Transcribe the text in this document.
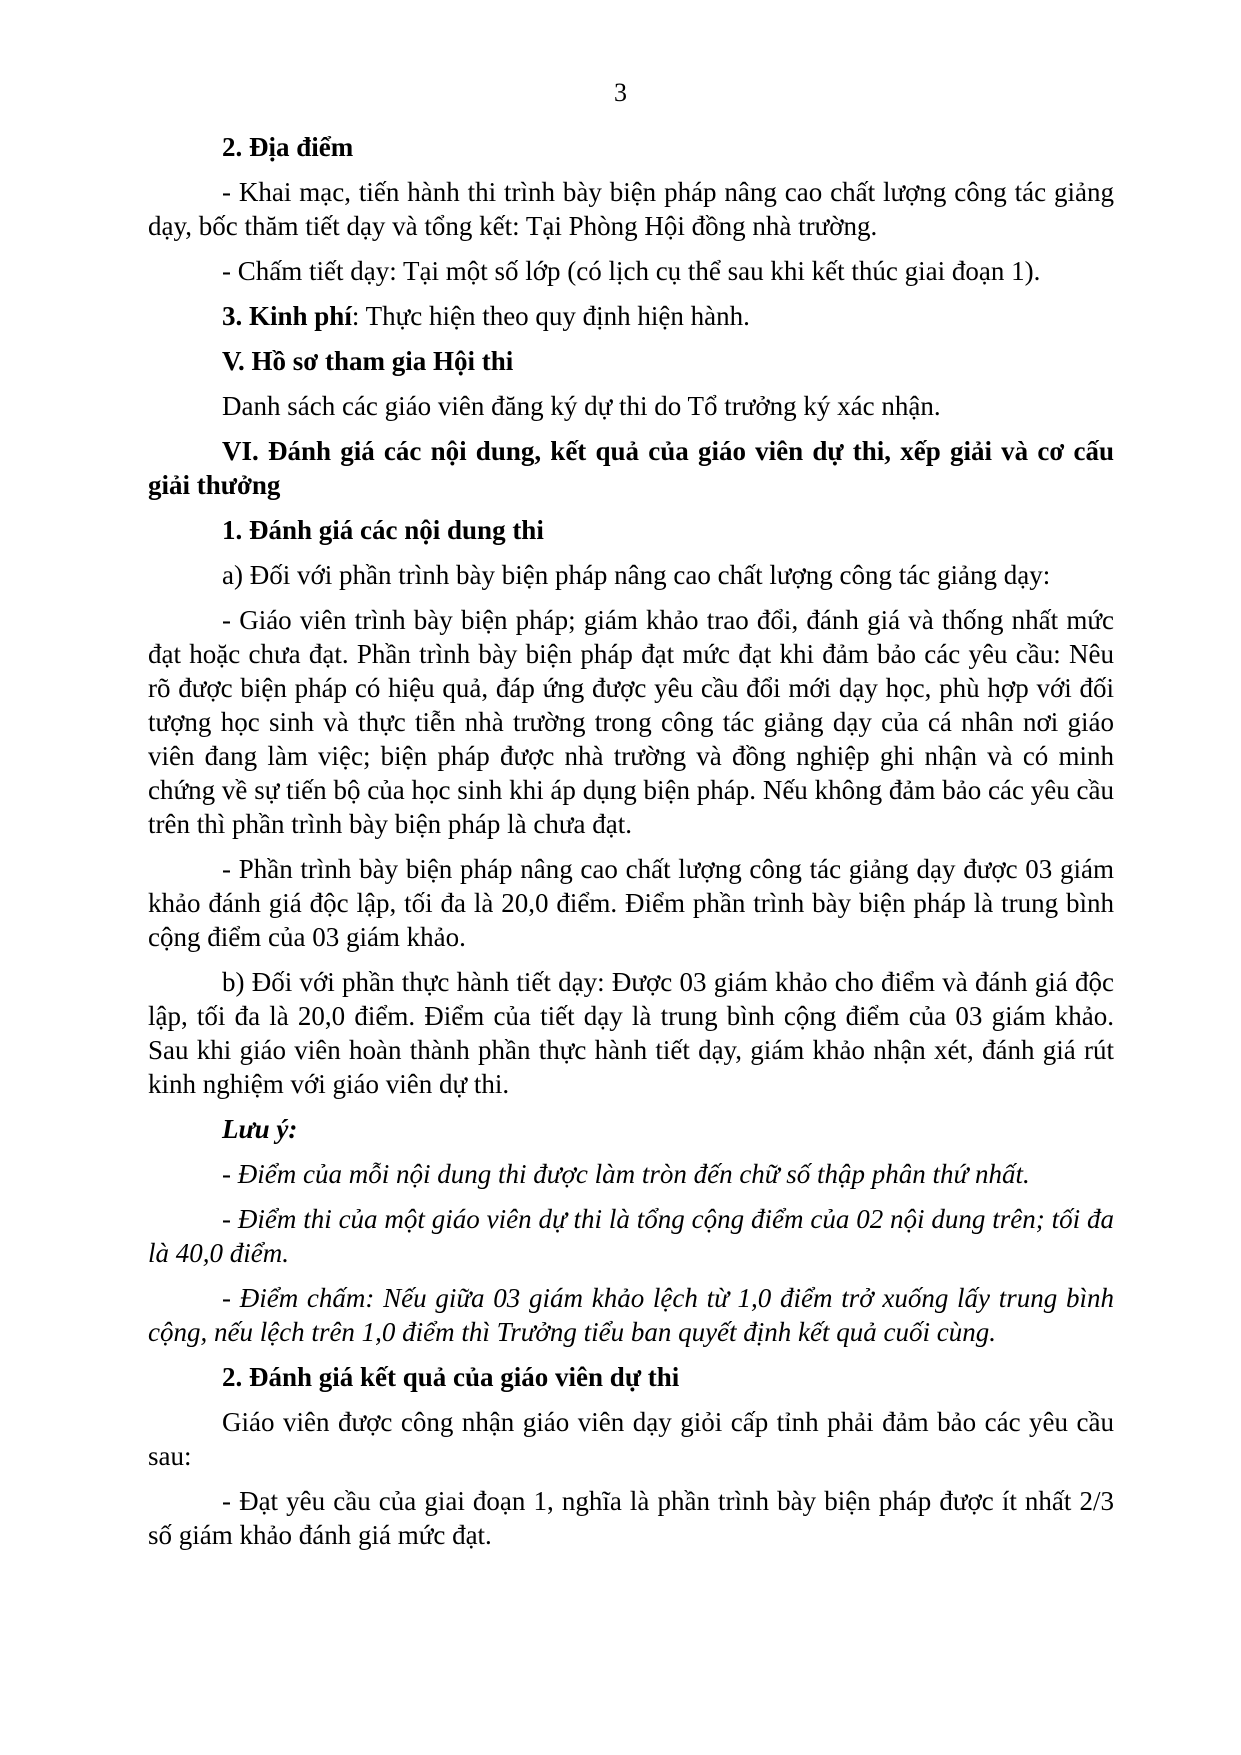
3

2. Địa điểm

- Khai mạc, tiến hành thi trình bày biện pháp nâng cao chất lượng công tác giảng dạy, bốc thăm tiết dạy và tổng kết: Tại Phòng Hội đồng nhà trường.

- Chấm tiết dạy: Tại một số lớp (có lịch cụ thể sau khi kết thúc giai đoạn 1).

3. Kinh phí: Thực hiện theo quy định hiện hành.

V. Hồ sơ tham gia Hội thi

Danh sách các giáo viên đăng ký dự thi do Tổ trưởng ký xác nhận.

VI. Đánh giá các nội dung, kết quả của giáo viên dự thi, xếp giải và cơ cấu giải thưởng

1. Đánh giá các nội dung thi

a) Đối với phần trình bày biện pháp nâng cao chất lượng công tác giảng dạy:

- Giáo viên trình bày biện pháp; giám khảo trao đổi, đánh giá và thống nhất mức đạt hoặc chưa đạt. Phần trình bày biện pháp đạt mức đạt khi đảm bảo các yêu cầu: Nêu rõ được biện pháp có hiệu quả, đáp ứng được yêu cầu đổi mới dạy học, phù hợp với đối tượng học sinh và thực tiễn nhà trường trong công tác giảng dạy của cá nhân nơi giáo viên đang làm việc; biện pháp được nhà trường và đồng nghiệp ghi nhận và có minh chứng về sự tiến bộ của học sinh khi áp dụng biện pháp. Nếu không đảm bảo các yêu cầu trên thì phần trình bày biện pháp là chưa đạt.

- Phần trình bày biện pháp nâng cao chất lượng công tác giảng dạy được 03 giám khảo đánh giá độc lập, tối đa là 20,0 điểm. Điểm phần trình bày biện pháp là trung bình cộng điểm của 03 giám khảo.

b) Đối với phần thực hành tiết dạy: Được 03 giám khảo cho điểm và đánh giá độc lập, tối đa là 20,0 điểm. Điểm của tiết dạy là trung bình cộng điểm của 03 giám khảo. Sau khi giáo viên hoàn thành phần thực hành tiết dạy, giám khảo nhận xét, đánh giá rút kinh nghiệm với giáo viên dự thi.

Lưu ý:

- Điểm của mỗi nội dung thi được làm tròn đến chữ số thập phân thứ nhất.

- Điểm thi của một giáo viên dự thi là tổng cộng điểm của 02 nội dung trên; tối đa là 40,0 điểm.

- Điểm chấm: Nếu giữa 03 giám khảo lệch từ 1,0 điểm trở xuống lấy trung bình cộng, nếu lệch trên 1,0 điểm thì Trưởng tiểu ban quyết định kết quả cuối cùng.

2. Đánh giá kết quả của giáo viên dự thi

Giáo viên được công nhận giáo viên dạy giỏi cấp tỉnh phải đảm bảo các yêu cầu sau:

- Đạt yêu cầu của giai đoạn 1, nghĩa là phần trình bày biện pháp được ít nhất 2/3 số giám khảo đánh giá mức đạt.
